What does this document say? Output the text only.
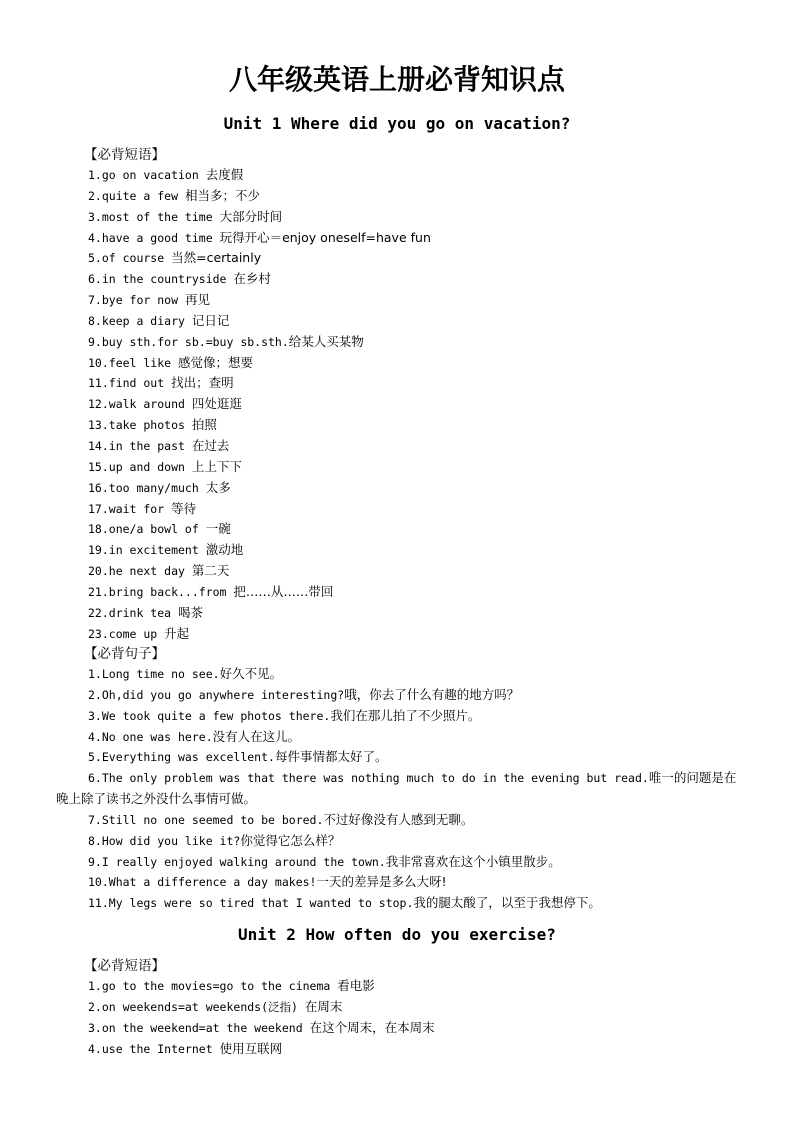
八年级英语上册必背知识点
Unit 1 Where did you go on vacation?
【必背短语】
1.go on vacation 去度假
2.quite a few 相当多；不少
3.most of the time 大部分时间
4.have a good time 玩得开心＝enjoy oneself=have fun
5.of course 当然=certainly
6.in the countryside 在乡村
7.bye for now 再见
8.keep a diary 记日记
9.buy sth.for sb.=buy sb.sth.给某人买某物
10.feel like 感觉像；想要
11.find out 找出；查明
12.walk around 四处逛逛
13.take photos 拍照
14.in the past 在过去
15.up and down 上上下下
16.too many/much 太多
17.wait for 等待
18.one/a bowl of 一碗
19.in excitement 激动地
20.he next day 第二天
21.bring back...from 把……从……带回
22.drink tea 喝茶
23.come up 升起
【必背句子】
1.Long time no see.好久不见。
2.Oh,did you go anywhere interesting?哦，你去了什么有趣的地方吗？
3.We took quite a few photos there.我们在那儿拍了不少照片。
4.No one was here.没有人在这儿。
5.Everything was excellent.每件事情都太好了。
6.The only problem was that there was nothing much to do in the evening but read.唯一的问题是在晚上除了读书之外没什么事情可做。
7.Still no one seemed to be bored.不过好像没有人感到无聊。
8.How did you like it?你觉得它怎么样？
9.I really enjoyed walking around the town.我非常喜欢在这个小镇里散步。
10.What a difference a day makes!一天的差异是多么大呀!
11.My legs were so tired that I wanted to stop.我的腿太酸了，以至于我想停下。
Unit 2 How often do you exercise?
【必背短语】
1.go to the movies=go to the cinema 看电影
2.on weekends=at weekends(泛指) 在周末
3.on the weekend=at the weekend 在这个周末，在本周末
4.use the Internet 使用互联网
